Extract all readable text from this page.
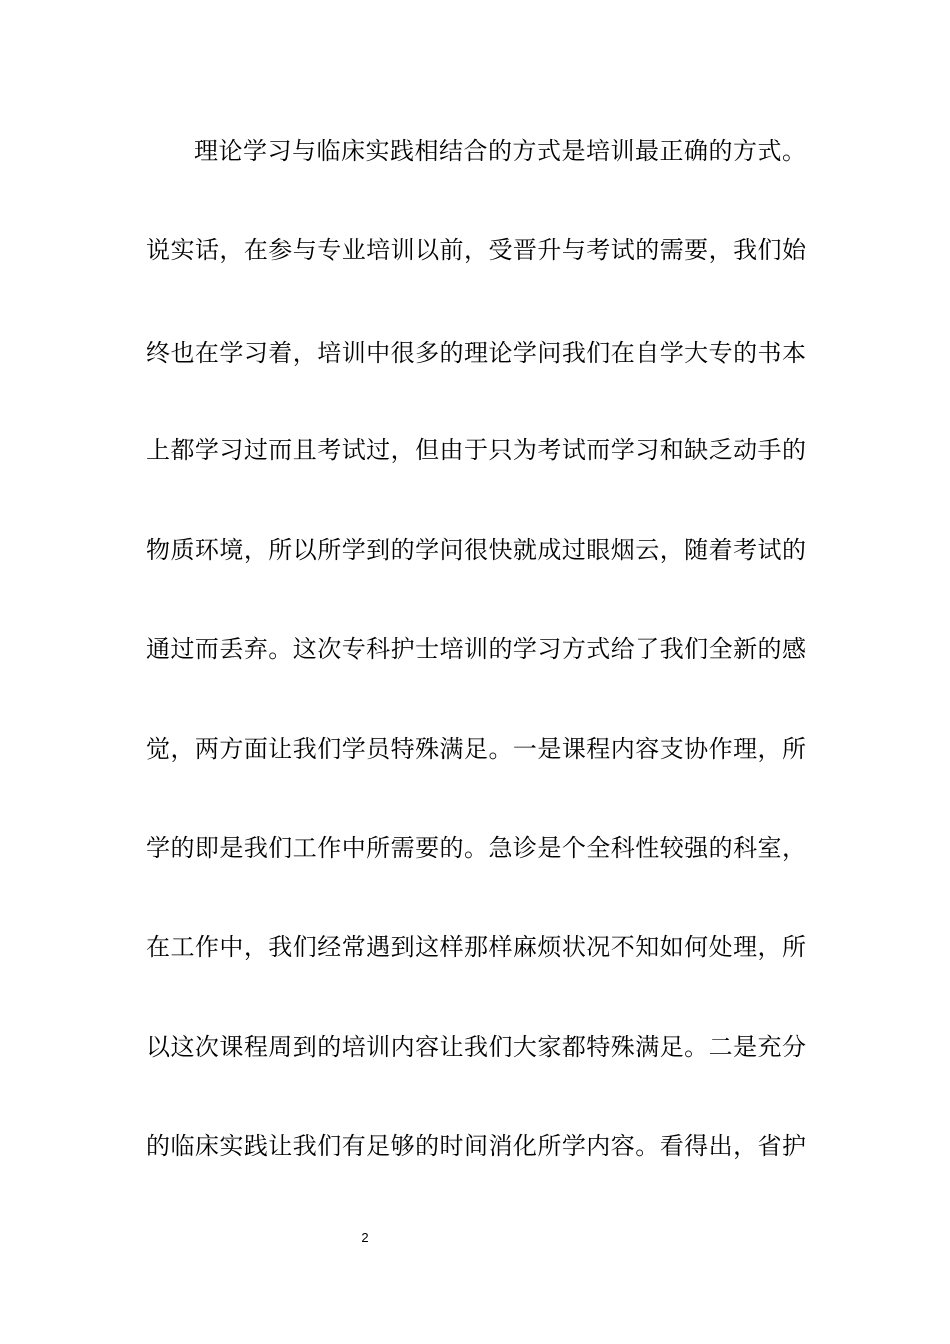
理论学习与临床实践相结合的方式是培训最正确的方式。
说实话，在参与专业培训以前，受晋升与考试的需要，我们始
终也在学习着，培训中很多的理论学问我们在自学大专的书本
上都学习过而且考试过，但由于只为考试而学习和缺乏动手的
物质环境，所以所学到的学问很快就成过眼烟云，随着考试的
通过而丢弃。这次专科护士培训的学习方式给了我们全新的感
觉，两方面让我们学员特殊满足。一是课程内容支协作理，所
学的即是我们工作中所需要的。急诊是个全科性较强的科室，
在工作中，我们经常遇到这样那样麻烦状况不知如何处理，所
以这次课程周到的培训内容让我们大家都特殊满足。二是充分
的临床实践让我们有足够的时间消化所学内容。看得出，省护
2
